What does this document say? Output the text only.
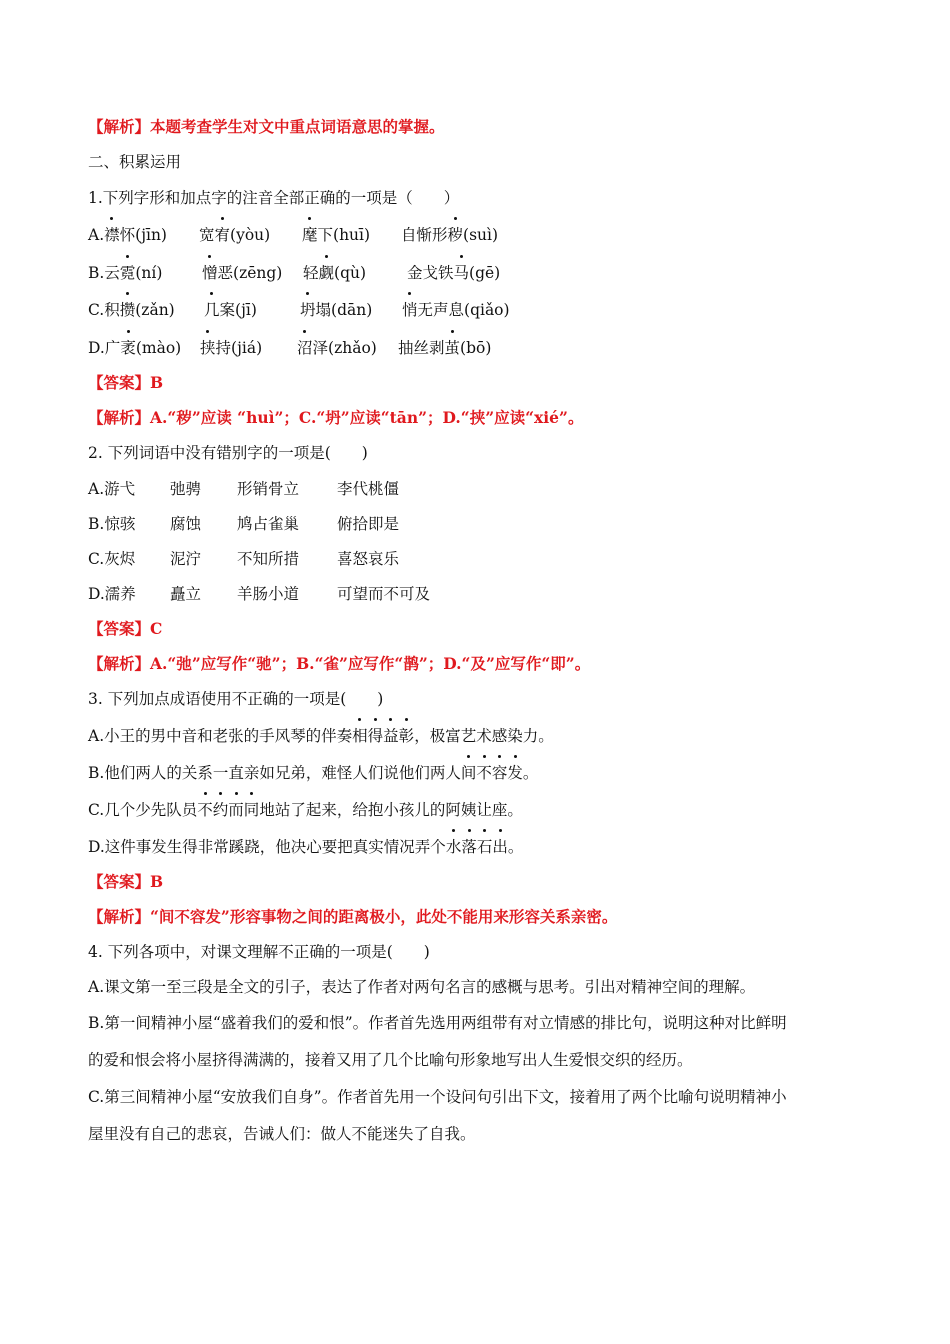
【解析】本题考查学生对文中重点词语意思的掌握。
二、积累运用
1.下列字形和加点字的注音全部正确的一项是（　　）
A.襟怀(jīn) 宽宥(yòu) 麾下(huī) 自惭形秽(suì)
B.云霓(ní)	憎恶(zēng) 轻觑(qù)	金戈铁马(gē)
C.积攒(zǎn) 几案(jī)	坍塌(dān) 悄无声息(qiǎo)
D.广袤(mào) 挟持(jiá) 沼泽(zhǎo) 抽丝剥茧(bō)
【答案】B
【解析】A.“秽”应读 “huì”；C.“坍”应读“tān”；D.“挟”应读“xié”。
2. 下列词语中没有错别字的一项是(　　)
A.游弋 弛骋 形销骨立 李代桃僵
B.惊骇 腐蚀 鸠占雀巢 俯拾即是
C.灰烬 泥泞 不知所措 喜怒哀乐
D.濡养 矗立 羊肠小道 可望而不可及
【答案】C
【解析】A.“弛”应写作“驰”；B.“雀”应写作“鹊”；D.“及”应写作“即”。
3. 下列加点成语使用不正确的一项是(　　)
A.小王的男中音和老张的手风琴的伴奏相得益彰，极富艺术感染力。
B.他们两人的关系一直亲如兄弟，难怪人们说他们两人间不容发。
C.几个少先队员不约而同地站了起来，给抱小孩儿的阿姨让座。
D.这件事发生得非常蹊跷，他决心要把真实情况弄个水落石出。
【答案】B
【解析】“间不容发”形容事物之间的距离极小，此处不能用来形容关系亲密。
4. 下列各项中，对课文理解不正确的一项是(　　)
A.课文第一至三段是全文的引子，表达了作者对两句名言的感概与思考。引出对精神空间的理解。
B.第一间精神小屋“盛着我们的爱和恨”。作者首先选用两组带有对立情感的排比句，说明这种对比鲜明
的爱和恨会将小屋挤得满满的，接着又用了几个比喻句形象地写出人生爱恨交织的经历。
C.第三间精神小屋“安放我们自身”。作者首先用一个设问句引出下文，接着用了两个比喻句说明精神小
屋里没有自己的悲哀，告诫人们：做人不能迷失了自我。
